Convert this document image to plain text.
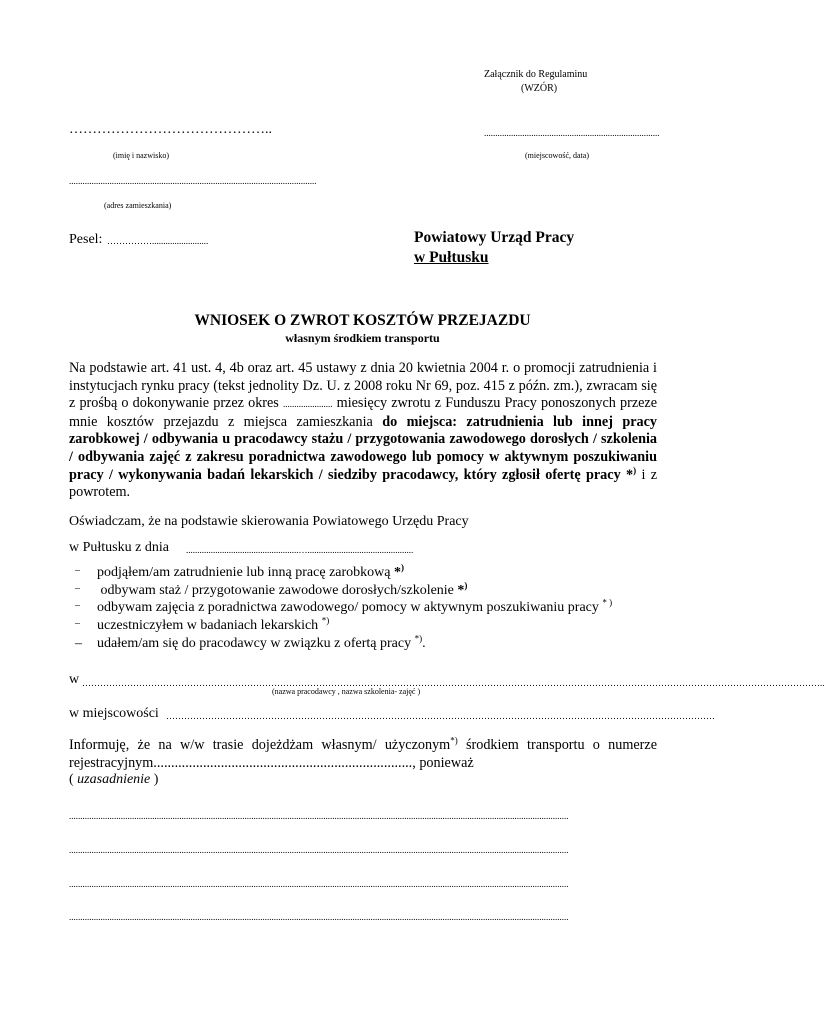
Załącznik do Regulaminu
(WZÓR)
……………………………………..	..............................................................................
(imię i nazwisko)	(miejscowość, data)
..............................................................................................................
(adres zamieszkania)
Pesel: …………….........................	Powiatowy Urząd Pracy
w Pułtusku
WNIOSEK O ZWROT KOSZTÓW PRZEJAZDU
własnym środkiem transportu
Na podstawie art. 41 ust. 4, 4b oraz art. 45 ustawy z dnia 20 kwietnia 2004 r. o promocji zatrudnienia i instytucjach rynku pracy (tekst jednolity Dz. U. z 2008 roku Nr 69, poz. 415 z późn. zm.), zwracam się z prośbą o dokonywanie przez okres ...................... miesięcy zwrotu z Funduszu Pracy ponoszonych przeze mnie kosztów przejazdu z miejsca zamieszkania do miejsca: zatrudnienia lub innej pracy zarobkowej / odbywania u pracodawcy stażu / przygotowania zawodowego dorosłych / szkolenia / odbywania zajęć z zakresu poradnictwa zawodowego lub pomocy w aktywnym poszukiwaniu pracy / wykonywania badań lekarskich / siedziby pracodawcy, który zgłosił ofertę pracy *) i z powrotem.
Oświadczam, że na podstawie skierowania Powiatowego Urzędu Pracy
w Pułtusku z dnia ..................................................…...............................................
– podjąłem/am zatrudnienie lub inną pracę zarobkową *)
– odbywam staż / przygotowanie zawodowe dorosłych/szkolenie *)
– odbywam zajęcia z poradnictwa zawodowego/ pomocy w aktywnym poszukiwaniu pracy * )
– uczestniczyłem w badaniach lekarskich *)
– udałem/am się do pracodawcy w związku z ofertą pracy *).
w …………………………………………………………………………………………………………………………………………………………………………………………………………………………..
(nazwa pracodawcy , nazwa szkolenia- zajęć )
w miejscowości …………………………………………………………………………………………………………………………………………………………………
Informuję, że na w/w trasie dojeżdżam własnym/ użyczonym*) środkiem transportu o numerze rejestracyjnym........................................................................., ponieważ
( uzasadnienie )
..............................................................................................................................................................................................................................
..............................................................................................................................................................................................................................
..............................................................................................................................................................................................................................
..............................................................................................................................................................................................................................
